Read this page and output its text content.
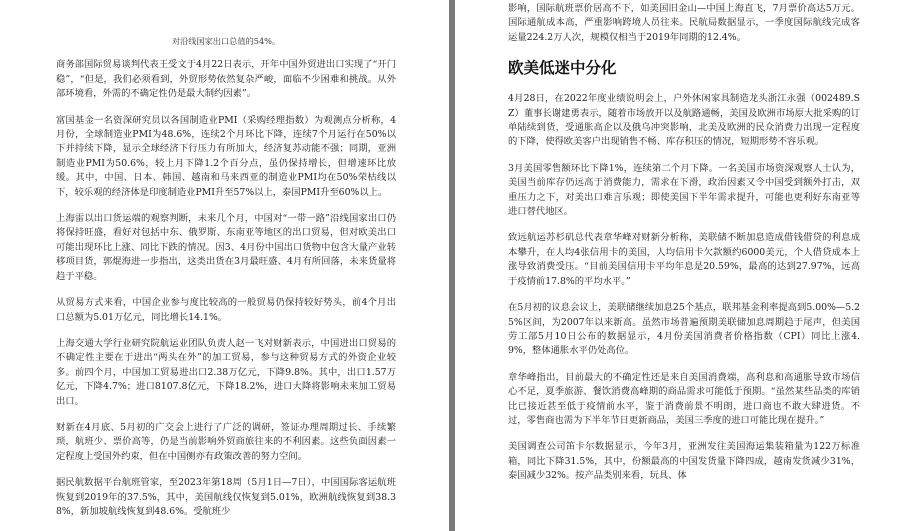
对沿线国家出口总值的54%。

商务部国际贸易谈判代表王受文于4月22日表示，开年中国外贸进出口实现了“开门稳”，“但是，我们必须看到，外贸形势依然复杂严峻，面临不少困难和挑战。从外部环境看，外需的不确定性仍是最大制约因素”。

富国基金一名资深研究员以各国制造业PMI（采购经理指数）为观测点分析称，4月份，全球制造业PMI为48.6%，连续2个月环比下降，连续7个月运行在50%以下并持续下降，显示全球经济下行压力有所加大，经济复苏动能不强；同期，亚洲制造业PMI为50.6%，较上月下降1.2个百分点，虽仍保持增长，但增速环比放缓。其中，中国、日本、韩国、越南和马来西亚的制造业PMI均在50%荣枯线以下，较乐观的经济体是印度制造业PMI升至57%以上，泰国PMI升至60%以上。

上海雷以出口货运端的观察判断，未来几个月，中国对“一带一路”沿线国家出口仍将保持旺盛，看好对包括中东、俄罗斯、东南亚等地区的出口贸易，但对欧美出口可能出现环比上涨、同比下跌的情况。因3、4月份中国出口货物中包含大量产业转移项目货，郭焜海进一步指出，这类出货在3月最旺盛、4月有所回落，未来货量将趋于平稳。

从贸易方式来看，中国企业参与度比较高的一般贸易仍保持较好势头，前4个月出口总额为5.01万亿元，同比增长14.1%。

上海交通大学行业研究院航运业团队负责人赵一飞对财新表示，中国进出口贸易的不确定性主要在于进出“两头在外”的加工贸易，参与这种贸易方式的外资企业较多。前四个月，中国加工贸易进出口2.38万亿元，下降9.8%。其中，出口1.57万亿元，下降4.7%；进口8107.8亿元，下降18.2%，进口大降将影响未来加工贸易出口。

财新在4月底、5月初的广交会上进行了广泛的调研，签证办理周期过长、手续繁琐，航班少、票价高等，仍是当前影响外贸商旅往来的不利因素。这些负面因素一定程度上受国外约束，但在中国侧亦有政策改善的努力空间。

据民航数据平台航班管家，至2023年第18周（5月1日—7日），中国国际客运航班恢复到2019年的37.5%，其中，美国航线仅恢复到5.01%，欧洲航线恢复到38.38%，新加坡航线恢复到48.6%。受航班少

影响，国际航班票价居高不下，如美国旧金山—中国上海直飞，7月票价高达5万元。国际通航成本高，严重影响跨境人员往来。民航局数据显示，一季度国际航线完成客运量224.2万人次，规模仅相当于2019年同期的12.4%。

欧美低迷中分化

4月28日，在2022年度业绩说明会上，户外休闲家具制造龙头浙江永强（002489.SZ）董事长谢建勇表示，随着市场放开以及航路通畅，美国及欧洲市场原大批采购的订单陆续到货，受通胀高企以及俄乌冲突影响，北美及欧洲的民众消费力出现一定程度的下降，使得欧美客户出现销售不畅、库存积压的情况，短期形势不容乐观。

3月美国零售额环比下降1%，连续第二个月下降。一名美国市场资深观察人士认为，美国当前库存仍远高于消费能力，需求在下滑，政治因素又令中国受到额外打击，双重压力之下，对美出口难言乐观；即使美国下半年需求提升，可能也更利好东南亚等进口替代地区。

致远航运苏杉矶总代表章华峰对财新分析称，美联储不断加息造成借钱借贷的利息成本攀升，在人均4张信用卡的美国，人均信用卡欠款额约6000美元，个人借贷成本上涨导致消费受压。“目前美国信用卡平均年息是20.59%，最高的达到27.97%，远高于疫情前17.8%的平均水平。”

在5月初的议息会议上，美联储继续加息25个基点，联邦基金利率提高到5.00%—5.25%区间，为2007年以来新高。虽然市场普遍预期美联储加息周期趋于尾声，但美国劳工部5月10日公布的数据显示，4月份美国消费者价格指数（CPI）同比上涨4.9%，整体通胀水平仍处高位。

章华峰指出，目前最大的不确定性还是来自美国消费端，高利息和高通胀导致市场信心不足，夏季旅游、餐饮消费高峰期的商品需求可能低于预期。“虽然某些品类的库销比已接近甚至低于疫情前水平，鉴于消费前景不明朗，进口商也不敢大肆进货。不过，零售商也需为下半年节日更新商品，美国三季度的进口可能比现在提升。”

美国调查公司笛卡尔数据显示，今年3月，亚洲发往美国海运集装箱量为122万标准箱，同比下降31.5%，其中，份额最高的中国发货量下降四成，越南发货减少31%，泰国减少32%。按产品类别来看，玩具、体
